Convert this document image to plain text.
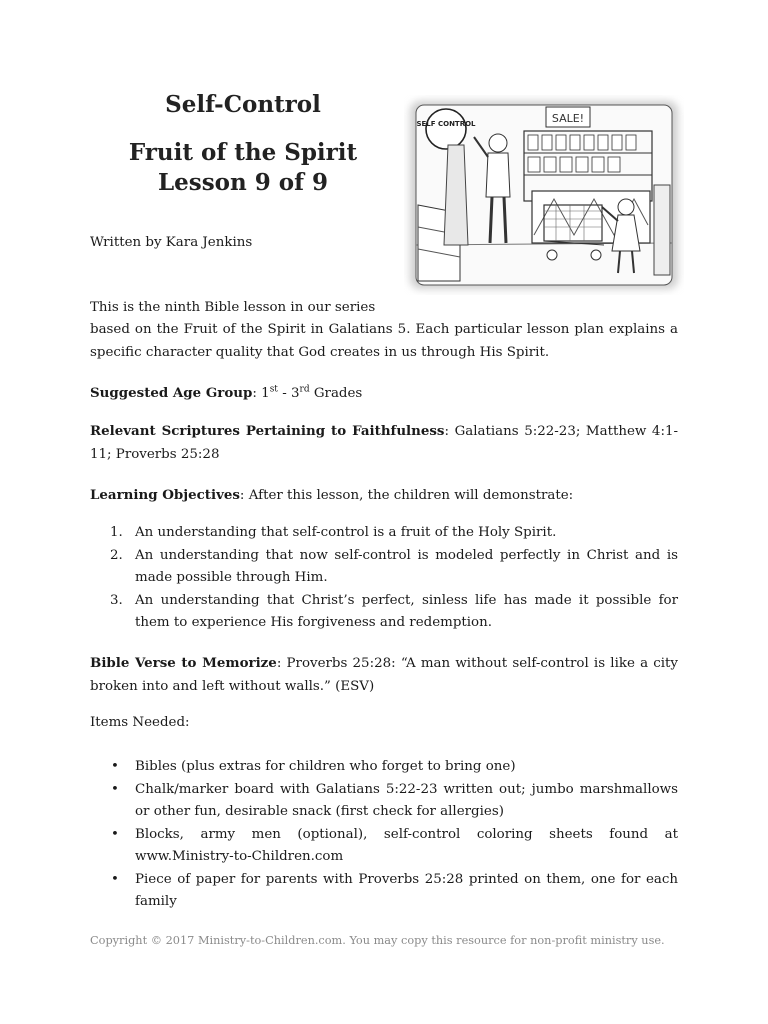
Self-Control
Fruit of the Spirit
Lesson 9 of 9
SALE!
SELF CONTROL
Written by Kara Jenkins
This is the ninth Bible lesson in our series
based on the Fruit of the Spirit in Galatians 5. Each particular lesson plan explains a specific character quality that God creates in us through His Spirit.
Suggested Age Group: 1st - 3rd Grades
Relevant Scriptures Pertaining to Faithfulness: Galatians 5:22-23; Matthew 4:1-11; Proverbs 25:28
Learning Objectives: After this lesson, the children will demonstrate:
1. An understanding that self-control is a fruit of the Holy Spirit.
2. An understanding that now self-control is modeled perfectly in Christ and is made possible through Him.
3. An understanding that Christ’s perfect, sinless life has made it possible for them to experience His forgiveness and redemption.
Bible Verse to Memorize: Proverbs 25:28: “A man without self-control is like a city broken into and left without walls.” (ESV)
Items Needed:
• Bibles (plus extras for children who forget to bring one)
• Chalk/marker board with Galatians 5:22-23 written out; jumbo marshmallows or other fun, desirable snack (first check for allergies)
• Blocks, army men (optional), self-control coloring sheets found at www.Ministry-to-Children.com
• Piece of paper for parents with Proverbs 25:28 printed on them, one for each family
Copyright © 2017 Ministry-to-Children.com. You may copy this resource for non-profit ministry use.
